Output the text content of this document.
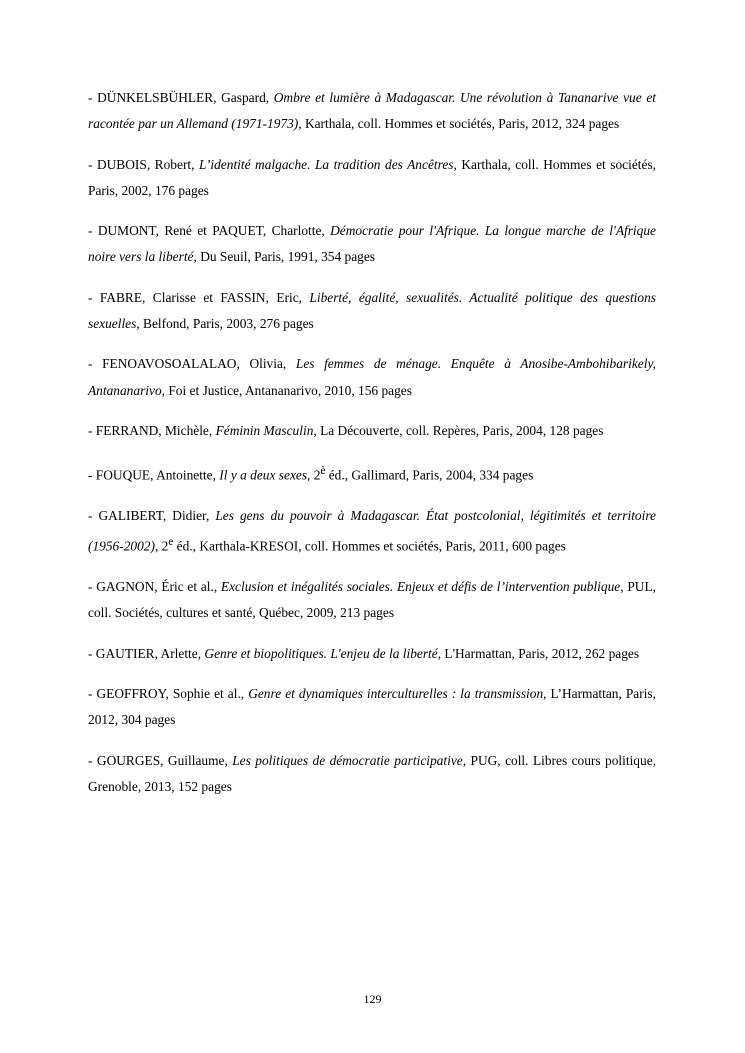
- DÜNKELSBÜHLER, Gaspard, Ombre et lumière à Madagascar. Une révolution à Tananarive vue et racontée par un Allemand (1971-1973), Karthala, coll. Hommes et sociétés, Paris, 2012, 324 pages

- DUBOIS, Robert, L’identité malgache. La tradition des Ancêtres, Karthala, coll. Hommes et sociétés, Paris, 2002, 176 pages

- DUMONT, René et PAQUET, Charlotte, Démocratie pour l'Afrique. La longue marche de l'Afrique noire vers la liberté, Du Seuil, Paris, 1991, 354 pages

- FABRE, Clarisse et FASSIN, Eric, Liberté, égalité, sexualités. Actualité politique des questions sexuelles, Belfond, Paris, 2003, 276 pages

- FENOAVOSOALALAO, Olivia, Les femmes de ménage. Enquête à Anosibe-Ambohibarikely, Antananarivo, Foi et Justice, Antananarivo, 2010, 156 pages

- FERRAND, Michèle, Féminin Masculin, La Découverte, coll. Repères, Paris, 2004, 128 pages

- FOUQUE, Antoinette, Il y a deux sexes, $2^è$ éd., Gallimard, Paris, 2004, 334 pages

- GALIBERT, Didier, Les gens du pouvoir à Madagascar. État postcolonial, légitimités et territoire (1956-2002), 2e éd., Karthala-KRESOI, coll. Hommes et sociétés, Paris, 2011, 600 pages

- GAGNON, Éric et al., Exclusion et inégalités sociales. Enjeux et défis de l’intervention publique, PUL, coll. Sociétés, cultures et santé, Québec, 2009, 213 pages

- GAUTIER, Arlette, Genre et biopolitiques. L'enjeu de la liberté, L'Harmattan, Paris, 2012, 262 pages

- GEOFFROY, Sophie et al., Genre et dynamiques interculturelles : la transmission, L’Harmattan, Paris, 2012, 304 pages

- GOURGES, Guillaume, Les politiques de démocratie participative, PUG, coll. Libres cours politique, Grenoble, 2013, 152 pages

129
